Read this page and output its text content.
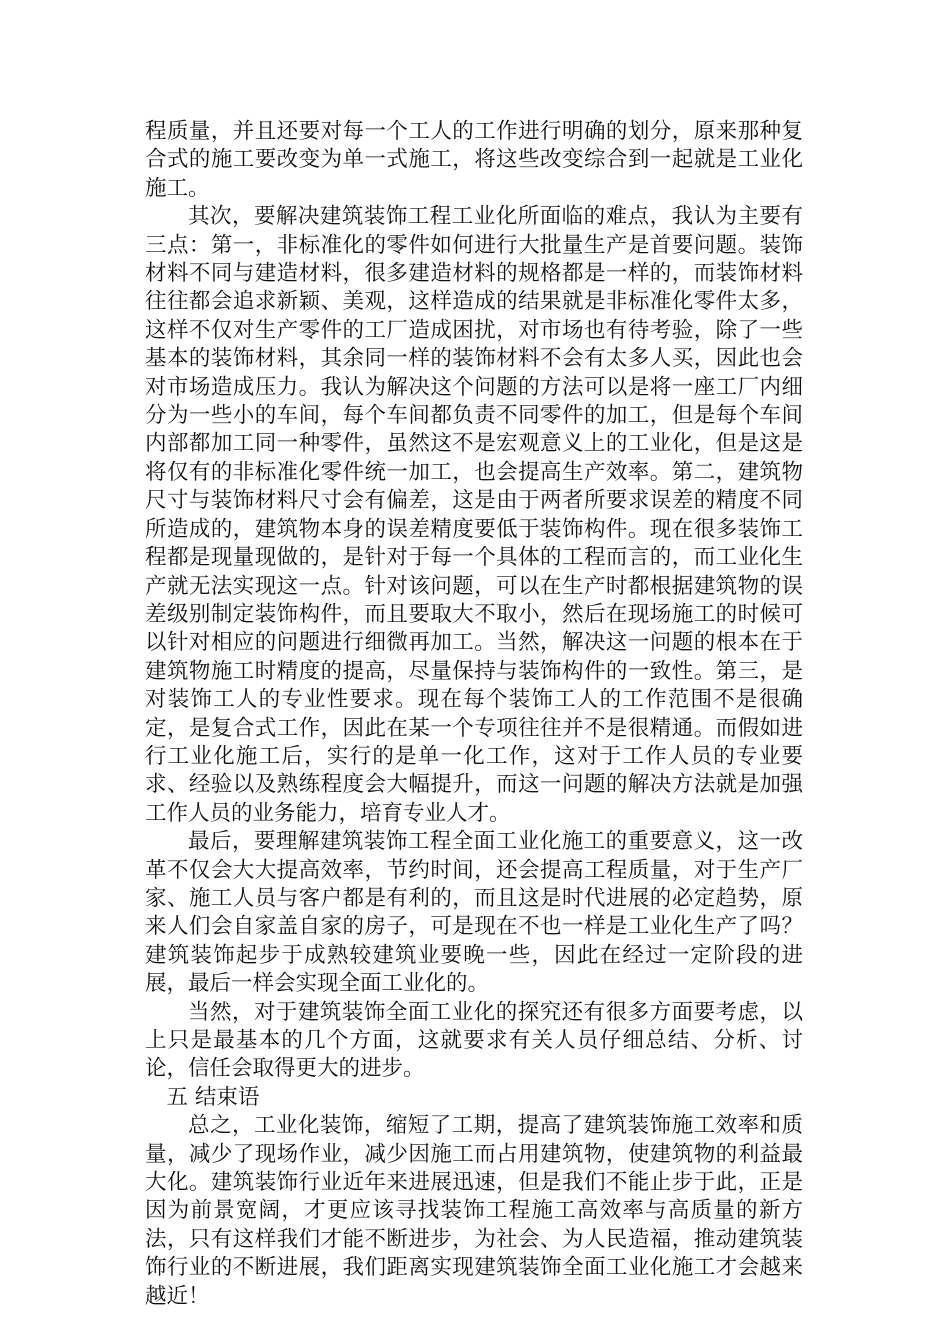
程质量，并且还要对每一个工人的工作进行明确的划分，原来那种复合式的施工要改变为单一式施工，将这些改变综合到一起就是工业化施工。

其次，要解决建筑装饰工程工业化所面临的难点，我认为主要有三点：第一，非标准化的零件如何进行大批量生产是首要问题。装饰材料不同与建造材料，很多建造材料的规格都是一样的，而装饰材料往往都会追求新颖、美观，这样造成的结果就是非标准化零件太多，这样不仅对生产零件的工厂造成困扰，对市场也有待考验，除了一些基本的装饰材料，其余同一样的装饰材料不会有太多人买，因此也会对市场造成压力。我认为解决这个问题的方法可以是将一座工厂内细分为一些小的车间，每个车间都负责不同零件的加工，但是每个车间内部都加工同一种零件，虽然这不是宏观意义上的工业化，但是这是将仅有的非标准化零件统一加工，也会提高生产效率。第二，建筑物尺寸与装饰材料尺寸会有偏差，这是由于两者所要求误差的精度不同所造成的，建筑物本身的误差精度要低于装饰构件。现在很多装饰工程都是现量现做的，是针对于每一个具体的工程而言的，而工业化生产就无法实现这一点。针对该问题，可以在生产时都根据建筑物的误差级别制定装饰构件，而且要取大不取小，然后在现场施工的时候可以针对相应的问题进行细微再加工。当然，解决这一问题的根本在于建筑物施工时精度的提高，尽量保持与装饰构件的一致性。第三，是对装饰工人的专业性要求。现在每个装饰工人的工作范围不是很确定，是复合式工作，因此在某一个专项往往并不是很精通。而假如进行工业化施工后，实行的是单一化工作，这对于工作人员的专业要求、经验以及熟练程度会大幅提升，而这一问题的解决方法就是加强工作人员的业务能力，培育专业人才。

最后，要理解建筑装饰工程全面工业化施工的重要意义，这一改革不仅会大大提高效率，节约时间，还会提高工程质量，对于生产厂家、施工人员与客户都是有利的，而且这是时代进展的必定趋势，原来人们会自家盖自家的房子，可是现在不也一样是工业化生产了吗？建筑装饰起步于成熟较建筑业要晚一些，因此在经过一定阶段的进展，最后一样会实现全面工业化的。

当然，对于建筑装饰全面工业化的探究还有很多方面要考虑，以上只是最基本的几个方面，这就要求有关人员仔细总结、分析、讨论，信任会取得更大的进步。

五 结束语

总之，工业化装饰，缩短了工期，提高了建筑装饰施工效率和质量，减少了现场作业，减少因施工而占用建筑物，使建筑物的利益最大化。建筑装饰行业近年来进展迅速，但是我们不能止步于此，正是因为前景宽阔，才更应该寻找装饰工程施工高效率与高质量的新方法，只有这样我们才能不断进步，为社会、为人民造福，推动建筑装饰行业的不断进展，我们距离实现建筑装饰全面工业化施工才会越来越近！
